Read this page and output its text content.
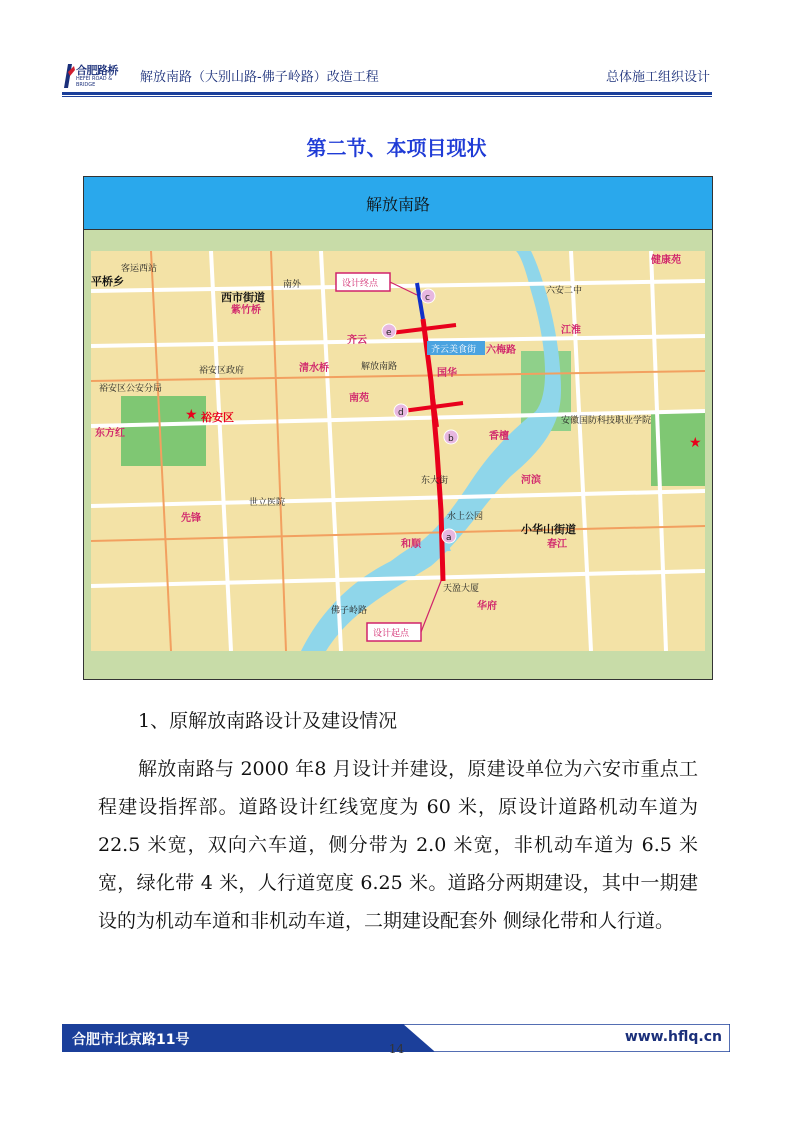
合肥路桥
HEFEI ROAD & BRIDGE	解放南路（大别山路-佛子岭路）改造工程	总体施工组织设计
第二节、本项目现状
解放南路
设计终点
设计起点
齐云美食街
c
e
d
b
a
★
★
裕安区
西市街道
小华山街道
平桥乡
东方红
南苑
齐云
国华
六梅路
香檀
河滨
和顺
华府
春江
紫竹桥
清水桥	解放南路
水上公园
六安二中
裕安区政府
东大街
安徽国防科技职业学院
客运西站
佛子岭路
天盈大厦
世立医院
裕安区公安分局
南外
健康苑
江淮
先锋
1、原解放南路设计及建设情况
解放南路与 2000 年8 月设计并建设，原建设单位为六安市重点工程建设指挥部。道路设计红线宽度为 60 米，原设计道路机动车道为 22.5 米宽，双向六车道，侧分带为 2.0 米宽，非机动车道为 6.5 米宽，绿化带 4 米，人行道宽度 6.25 米。道路分两期建设，其中一期建设的为机动车道和非机动车道，二期建设配套外 侧绿化带和人行道。
合肥市北京路11号	www.hflq.cn
14
